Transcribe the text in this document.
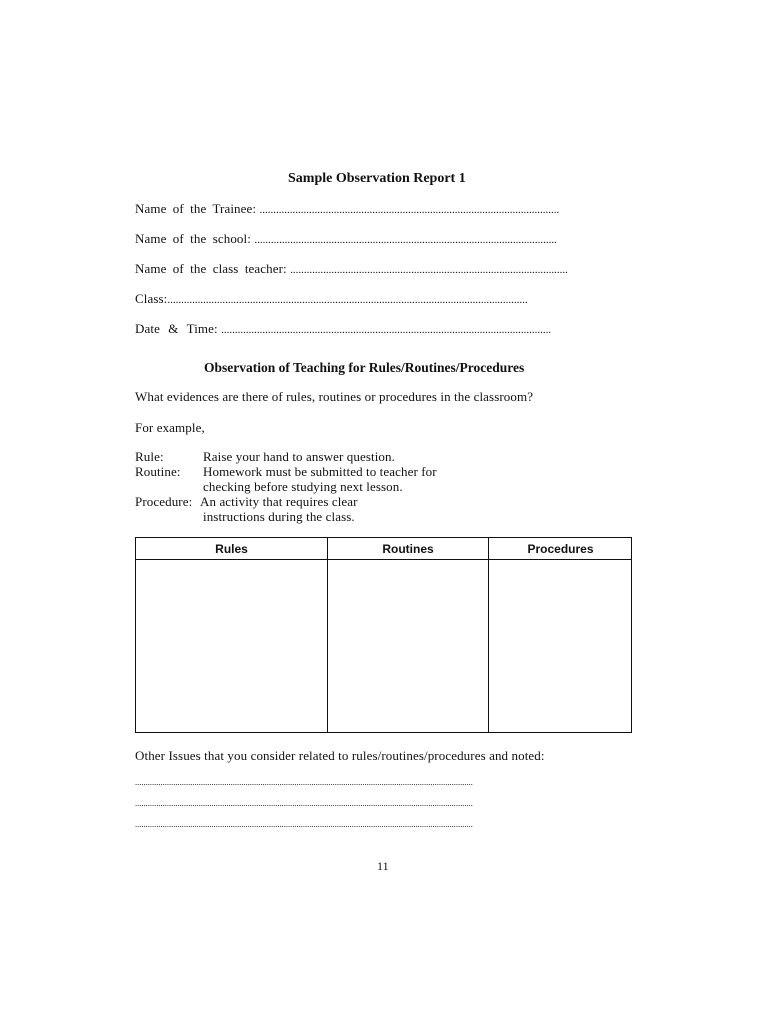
Sample Observation Report 1
Name of the Trainee: .............................................................................................................
Name of the school: ..............................................................................................................
Name of the class teacher: .....................................................................................................
Class:...................................................................................................................................
Date & Time: ........................................................................................................................
Observation of Teaching for Rules/Routines/Procedures
What evidences are there of rules, routines or procedures in the classroom?
For example,
Rule:	Raise your hand to answer question.
Routine: Homework must be submitted to teacher for
checking before studying next lesson.
Procedure: An activity that requires clear
instructions during the class.
Rules	Routines	Procedures
Other Issues that you consider related to rules/routines/procedures and noted:
...............................................................................................................................................................
...............................................................................................................................................................
...............................................................................................................................................................
11
